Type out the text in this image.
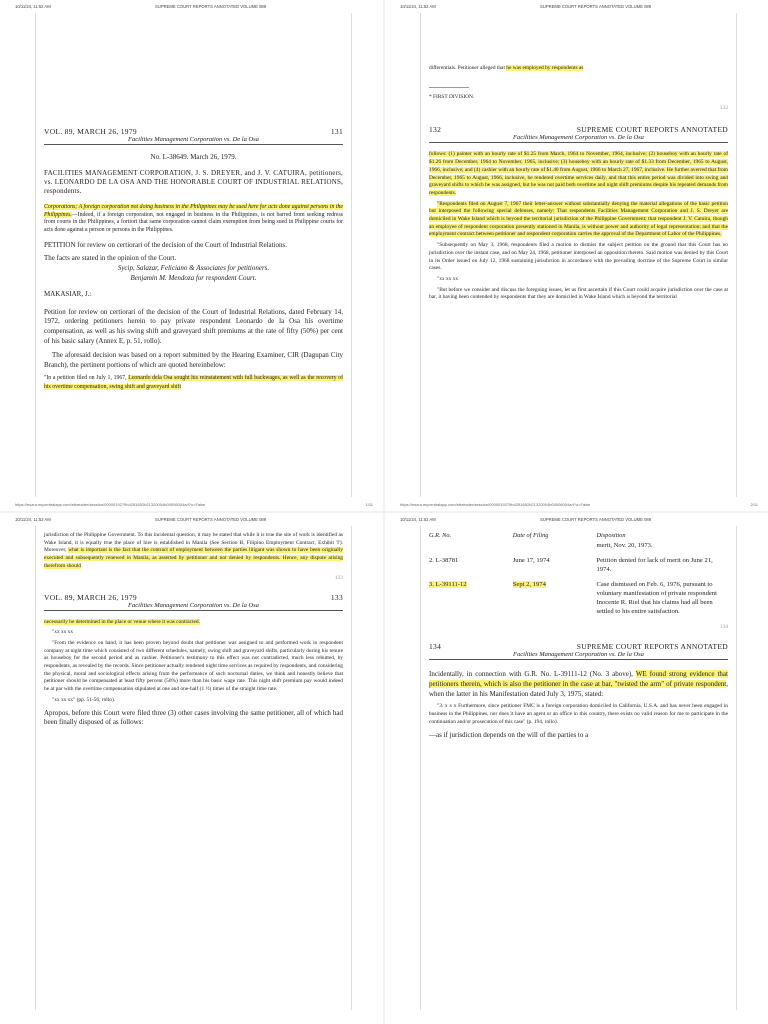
10/11/24, 11:52 AM	SUPREME COURT REPORTS ANNOTATED VOLUME 089
VOL. 89, MARCH 26, 1979	131
Facilities Management Corporation vs. De la Osa
No. L-38649. March 26, 1979.
FACILITIES MANAGEMENT CORPORATION, J. S. DREYER, and J. V. CATUIRA, petitioners, vs. LEONARDO DE LA OSA AND THE HONORABLE COURT OF INDUSTRIAL RELATIONS, respondents.
Corporations; A foreign corporation not doing business in the Philippines may be sued here for acts done against persons in the Philippines.—Indeed, if a foreign corporation, not engaged in business in the Philippines, is not barred from seeking redress from courts in the Philippines, a fortiori that same corporation cannot claim exemption from being sued in Philippine courts for acts done against a person or persons in the Philippines.
PETITION for review on certiorari of the decision of the Court of Industrial Relations.
The facts are stated in the opinion of the Court.
Sycip, Salazar, Feliciano & Associates for petitioners.
Benjamin M. Mendoza for respondent Court.
MAKASIAR, J.:
Petition for review on certiorari of the decision of the Court of Industrial Relations, dated February 14, 1972, ordering petitioners herein to pay private respondent Leonardo de la Osa his overtime compensation, as well as his swing shift and graveyard shift premiums at the rate of fifty (50%) per cent of his basic salary (Annex E, p. 51, rollo).
The aforesaid decision was based on a report submitted by the Hearing Examiner, CIR (Dagupan City Branch), the pertinent portions of which are quoted hereinbelow:
"In a petition filed on July 1, 1967, Leonardo dela Osa sought his reinstatement with full backwages, as well as the recovery of his overtime compensation, swing shift and graveyard shift
https://eszra.mycentralapp.com/sfsreader/session/0000019279b4281652b21320004b04006004a/t?o=False	1/11
10/11/24, 11:52 AM	SUPREME COURT REPORTS ANNOTATED VOLUME 089
differentials. Petitioner alleged that he was employed by respondents as
* FIRST DIVISION.
132
132	SUPREME COURT REPORTS ANNOTATED
Facilities Management Corporation vs. De la Osa
follows: (1) painter with an hourly rate of $1.25 from March, 1964 to November, 1964, inclusive; (2) houseboy with an hourly rate of $1.26 from December, 1964 to November, 1965, inclusive; (3) houseboy with an hourly rate of $1.33 from December, 1965 to August, 1966, inclusive; and (4) cashier with an hourly rate of $1.40 from August, 1966 to March 27, 1967, inclusive. He further averred that from December, 1965 to August, 1966, inclusive, he rendered overtime services daily, and that this entire period was divided into swing and graveyard shifts to which he was assigned, but he was not paid both overtime and night shift premiums despite his repeated demands from respondents.
"Respondents filed on August 7, 1967 their letter-answer without substantially denying the material allegations of the basic petition but interposed the following special defenses, namely: That respondents Facilities Management Corporation and J. S. Dreyer are domiciled in Wake Island which is beyond the territorial jurisdiction of the Philippine Government; that respondent J. V. Catuira, though an employee of respondent corporation presently stationed in Manila, is without power and authority of legal representation; and that the employment contract between petitioner and respondent corporation carries the approval of the Department of Labor of the Philippines.
"Subsequently on May 3, 1968, respondents filed a motion to dismiss the subject petition on the ground that this Court has no jurisdiction over the instant case, and on May 24, 1968, petitioner interposed an opposition thereto. Said motion was denied by this Court in its Order issued on July 12, 1968 sustaining jurisdiction in accordance with the prevailing doctrine of the Supreme Court in similar cases.
"xx xx xx
"But before we consider and discuss the foregoing issues, let us first ascertain if this Court could acquire jurisdiction over the case at bar, it having been contended by respondents that they are domiciled in Wake Island which is beyond the territorial
https://eszra.mycentralapp.com/sfsreader/session/0000019279b4281652b21320004b04006004a/t?o=False	2/11
10/11/24, 11:52 AM	SUPREME COURT REPORTS ANNOTATED VOLUME 089
jurisdiction of the Philippine Government. To this incidental question, it may be stated that while it is true the site of work is identified as Wake Island, it is equally true the place of hire is established in Manila (See Section B, Filipino Employment Contract, Exhibit 'I'). Moreover, what is important is the fact that the contract of employment between the parties litigant was shown to have been originally executed and subsequently renewed in Manila, as asserted by petitioner and not denied by respondents. Hence, any dispute arising therefrom should
133
VOL. 89, MARCH 26, 1979	133
Facilities Management Corporation vs. De la Osa
necessarily be determined in the place or venue where it was contracted.
"xx xx xx
"From the evidence on hand, it has been proven beyond doubt that petitioner was assigned to and performed work in respondent company at night time which consisted of two different schedules, namely, swing shift and graveyard shifts, particularly during his tenure as houseboy for the second period and as cashier. Petitioner's testimony to this effect was not contradicted, much less rebutted, by respondents, as revealed by the records. Since petitioner actually rendered night time services as required by respondents, and considering the physical, moral and sociological effects arising from the performance of such nocturnal duties, we think and honestly believe that petitioner should be compensated at least fifty percent (50%) more than his basic wage rate. This night shift premium pay would indeed be at par with the overtime compensation stipulated at one and one-half (1 ½) times of the straight time rate.
"xx xx xx" (pp. 51-56, rollo).
Apropos, before this Court were filed three (3) other cases involving the same petitioner, all of which had been finally disposed of as follows:
10/11/24, 11:52 AM	SUPREME COURT REPORTS ANNOTATED VOLUME 089
G.R. No.	Date of Filing	Disposition
		merit, Nov. 20, 1973.
2. L-38781	June 17, 1974	Petition denied for lack of merit on June 21, 1974.
3. L-39111-12	Sept 2, 1974	Case dismissed on Feb. 6, 1976, pursuant to voluntary manifestation of private respondent Inocente R. Riel that his claims had all been settled to his entire satisfaction.
134
134	SUPREME COURT REPORTS ANNOTATED
Facilities Management Corporation vs. De la Osa
Incidentally, in connection with G.R. No. L-39111-12 (No. 3 above), WE found strong evidence that petitioners therein, which is also the petitioner in the case at bar, "twisted the arm" of private respondent, when the latter in his Manifestation dated July 3, 1975, stated:
"3. x x x Furthermore, since petitioner FMC is a foreign corporation domiciled in California, U.S.A. and has never been engaged in business in the Philippines, nor does it have an agent or an office in this country, there exists no valid reason for me to participate in the continuation and/or prosecution of this case" (p. 194, rollo).
—as if jurisdiction depends on the will of the parties to a
